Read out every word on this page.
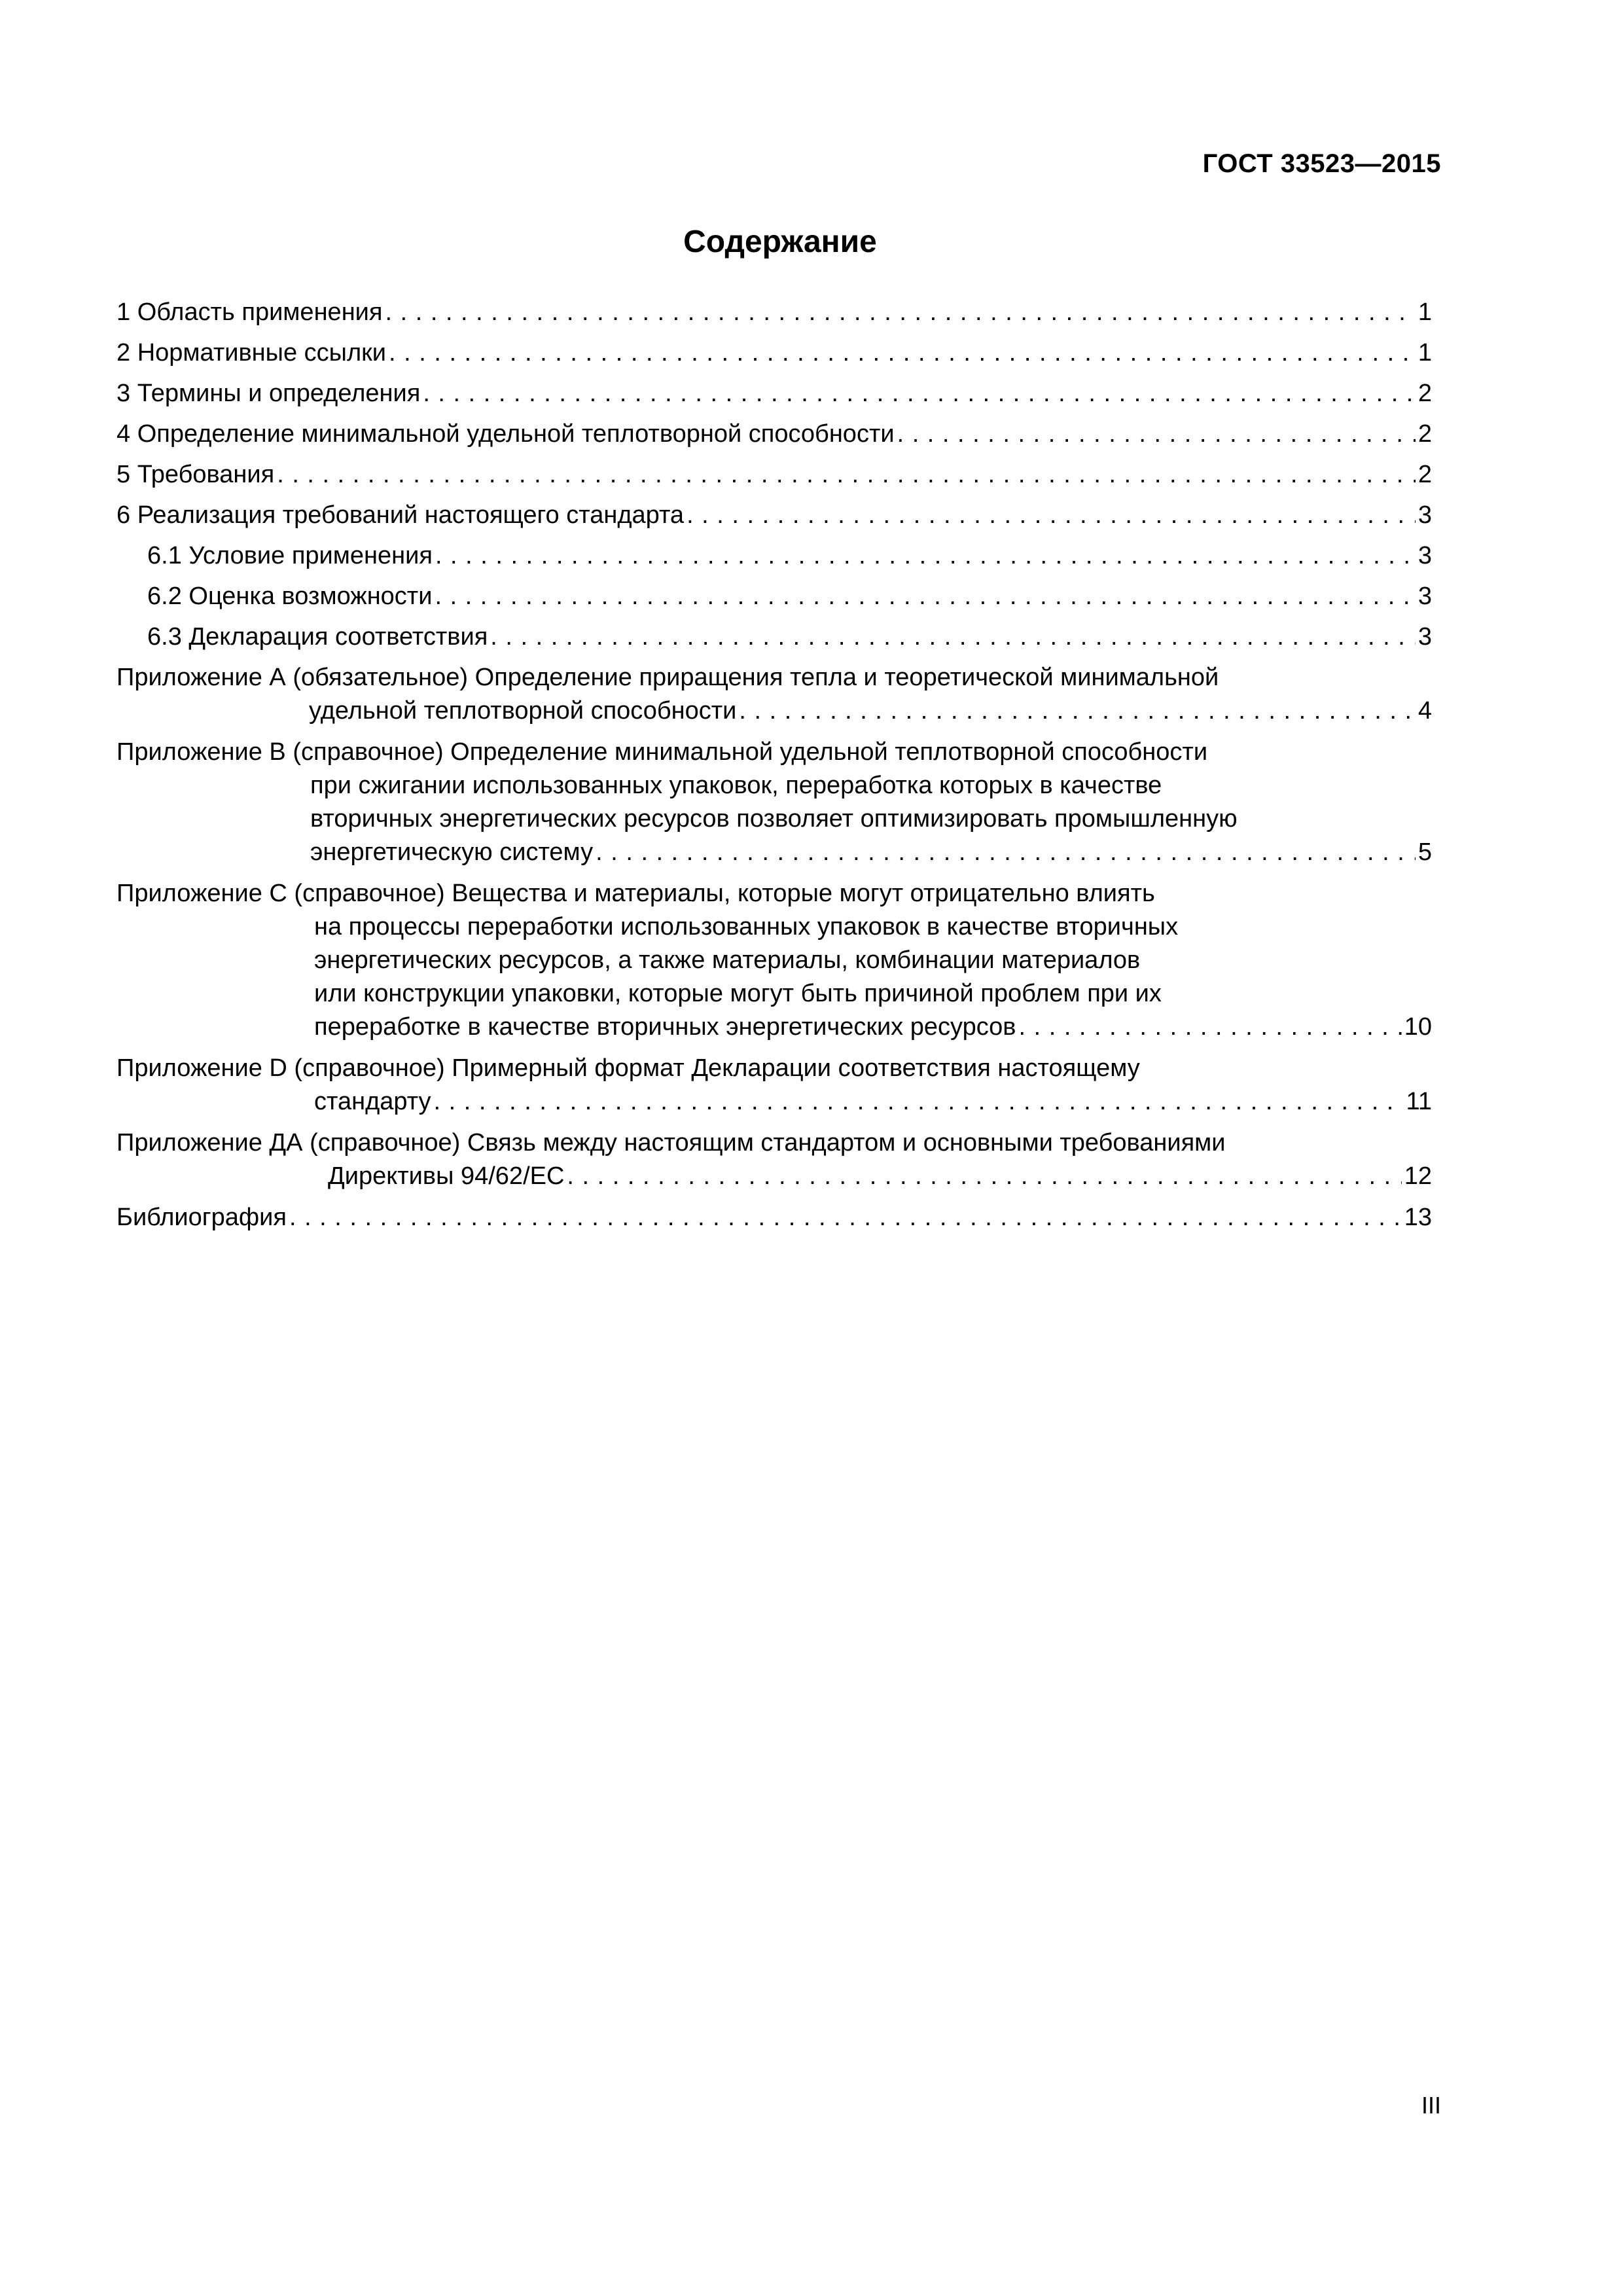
ГОСТ 33523—2015
Содержание
1 Область применения . . .	1
2 Нормативные ссылки . . .	1
3 Термины и определения . . .	2
4 Определение минимальной удельной теплотворной способности . . .	2
5 Требования . . .	2
6 Реализация требований настоящего стандарта . . .	3
6.1 Условие применения . . .	3
6.2 Оценка возможности . . .	3
6.3 Декларация соответствия . . .	3
Приложение А (обязательное) Определение приращения тепла и теоретической минимальной
удельной теплотворной способности . . .	4
Приложение В (справочное) Определение минимальной удельной теплотворной способности
при сжигании использованных упаковок, переработка которых в качестве
вторичных энергетических ресурсов позволяет оптимизировать промышленную
энергетическую систему . . .	5
Приложение С (справочное) Вещества и материалы, которые могут отрицательно влиять
на процессы переработки использованных упаковок в качестве вторичных
энергетических ресурсов, а также материалы, комбинации материалов
или конструкции упаковки, которые могут быть причиной проблем при их
переработке в качестве вторичных энергетических ресурсов . . .	10
Приложение D (справочное) Примерный формат Декларации соответствия настоящему
стандарту . . .	11
Приложение ДА (справочное) Связь между настоящим стандартом и основными требованиями
Директивы 94/62/ЕС . . .	12
Библиография . . .	13
III
